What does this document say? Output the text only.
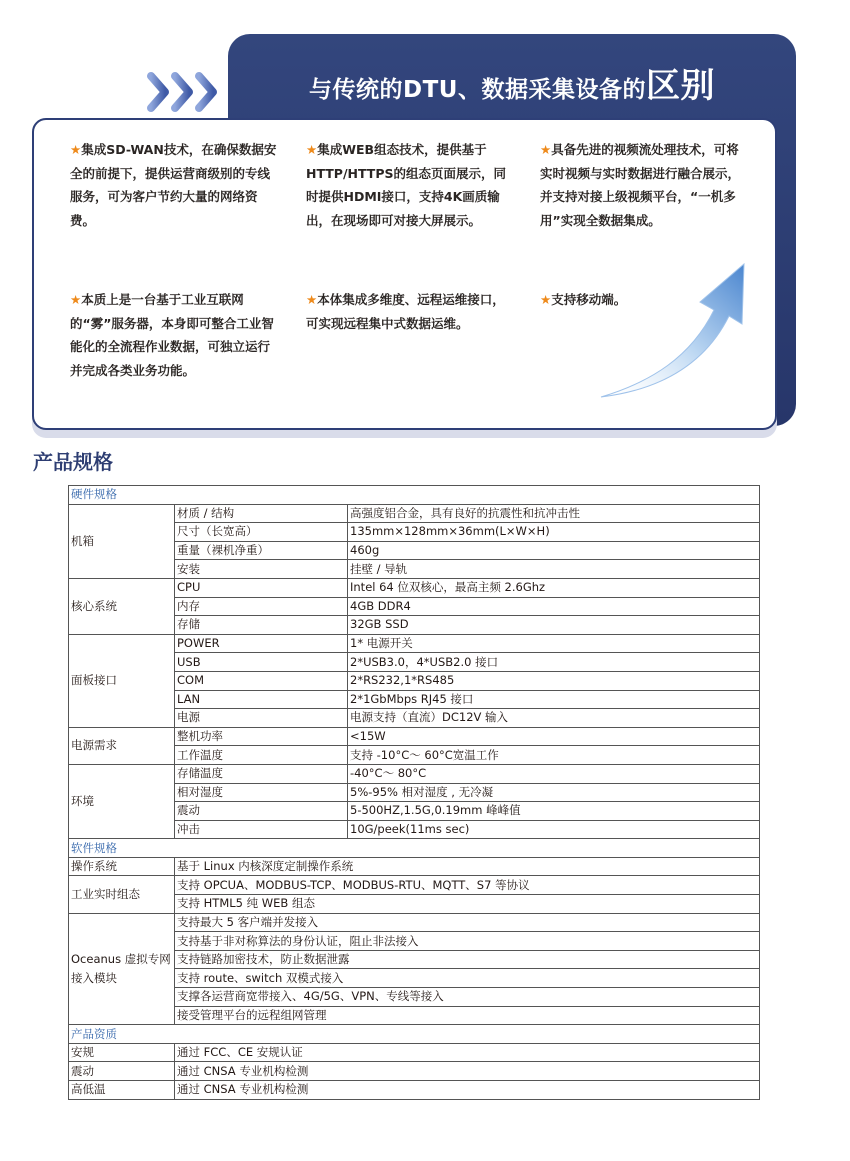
与传统的DTU、数据采集设备的区别
★集成SD-WAN技术，在确保数据安全的前提下，提供运营商级别的专线服务，可为客户节约大量的网络资费。
★集成WEB组态技术，提供基于HTTP/HTTPS的组态页面展示，同时提供HDMI接口，支持4K画质输出，在现场即可对接大屏展示。
★具备先进的视频流处理技术，可将实时视频与实时数据进行融合展示，并支持对接上级视频平台，“一机多用”实现全数据集成。
★本质上是一台基于工业互联网的“雾”服务器，本身即可整合工业智能化的全流程作业数据，可独立运行并完成各类业务功能。
★本体集成多维度、远程运维接口，可实现远程集中式数据运维。
★支持移动端。
产品规格
硬件规格		
机箱	材质 / 结构	高强度铝合金，具有良好的抗震性和抗冲击性
	尺寸（长宽高）	135mm×128mm×36mm(L×W×H)
	重量（裸机净重）	460g
	安装	挂壁 / 导轨
核心系统	CPU	Intel 64 位双核心，最高主频 2.6Ghz
	内存	4GB DDR4
	存储	32GB SSD
面板接口	POWER	1* 电源开关
	USB	2*USB3.0，4*USB2.0 接口
	COM	2*RS232,1*RS485
	LAN	2*1GbMbps RJ45 接口
	电源	电源支持（直流）DC12V 输入
电源需求	整机功率	<15W
	工作温度	支持 -10°C～ 60°C宽温工作
环境	存储温度	-40°C～ 80°C
	相对湿度	5%-95% 相对湿度 , 无冷凝
	震动	5-500HZ,1.5G,0.19mm 峰峰值
	冲击	10G/peek(11ms sec)
软件规格		
操作系统	基于 Linux 内核深度定制操作系统	
工业实时组态	支持 OPCUA、MODBUS-TCP、MODBUS-RTU、MQTT、S7 等协议	
	支持 HTML5 纯 WEB 组态	
Oceanus 虚拟专网
接入模块	支持最大 5 客户端并发接入	
	支持基于非对称算法的身份认证，阻止非法接入	
	支持链路加密技术，防止数据泄露	
	支持 route、switch 双模式接入	
	支撑各运营商宽带接入、4G/5G、VPN、专线等接入	
	接受管理平台的远程组网管理	
产品资质		
安规	通过 FCC、CE 安规认证	
震动	通过 CNSA 专业机构检测	
高低温	通过 CNSA 专业机构检测	
